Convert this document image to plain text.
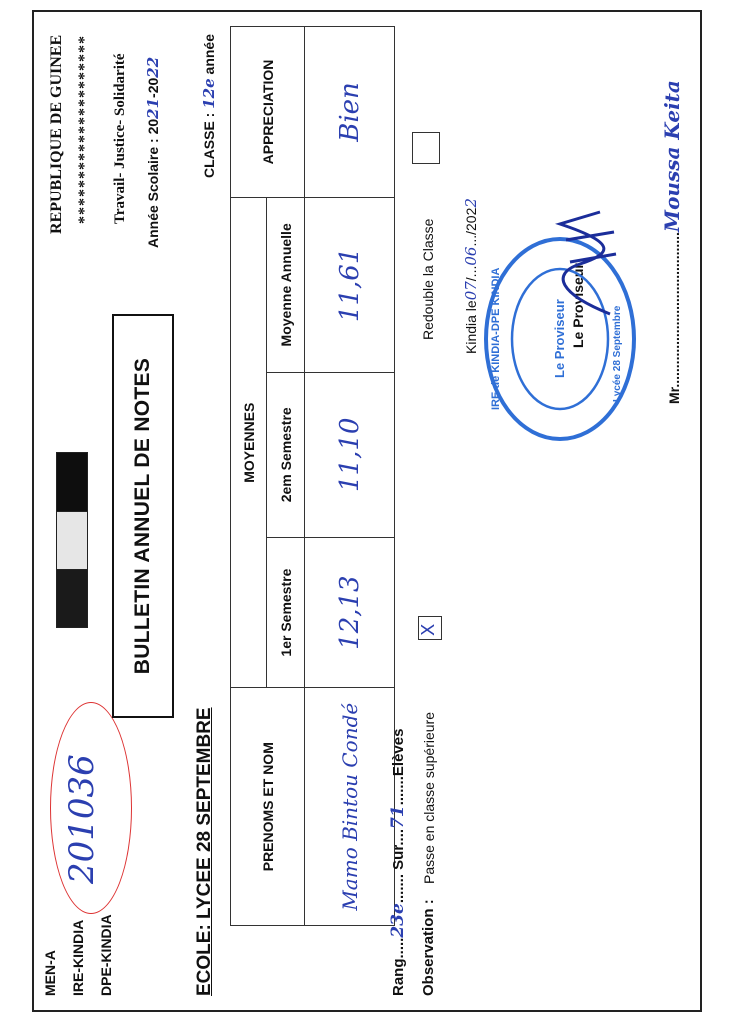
MEN-A IRE-KINDIA DPE-KINDIA
201036
REPUBLIQUE DE GUINEE ********************* Travail- Justice- Solidarité Année Scolaire : 2021-2022
BULLETIN ANNUEL DE NOTES
ECOLE: LYCEE 28 SEPTEMBRE
CLASSE : 12e année
PRENOMS ET NOM	MOYENNES			APPRECIATION
	1er Semestre	2em Semestre	Moyenne Annuelle	
Mamo Bintou Condé	12,13	11,10	11,61	Bien
Rang.....23e....... Sur....71.......Elèves
Observation :
Passe en classe supérieure
X
Redouble la Classe Kindia le07/...06.../2022
Le Proviseur
IRE de KINDIA-DPE KINDIA	Le Proviseur	Lycée 28 Septembre	Mr........................................Moussa Keita
